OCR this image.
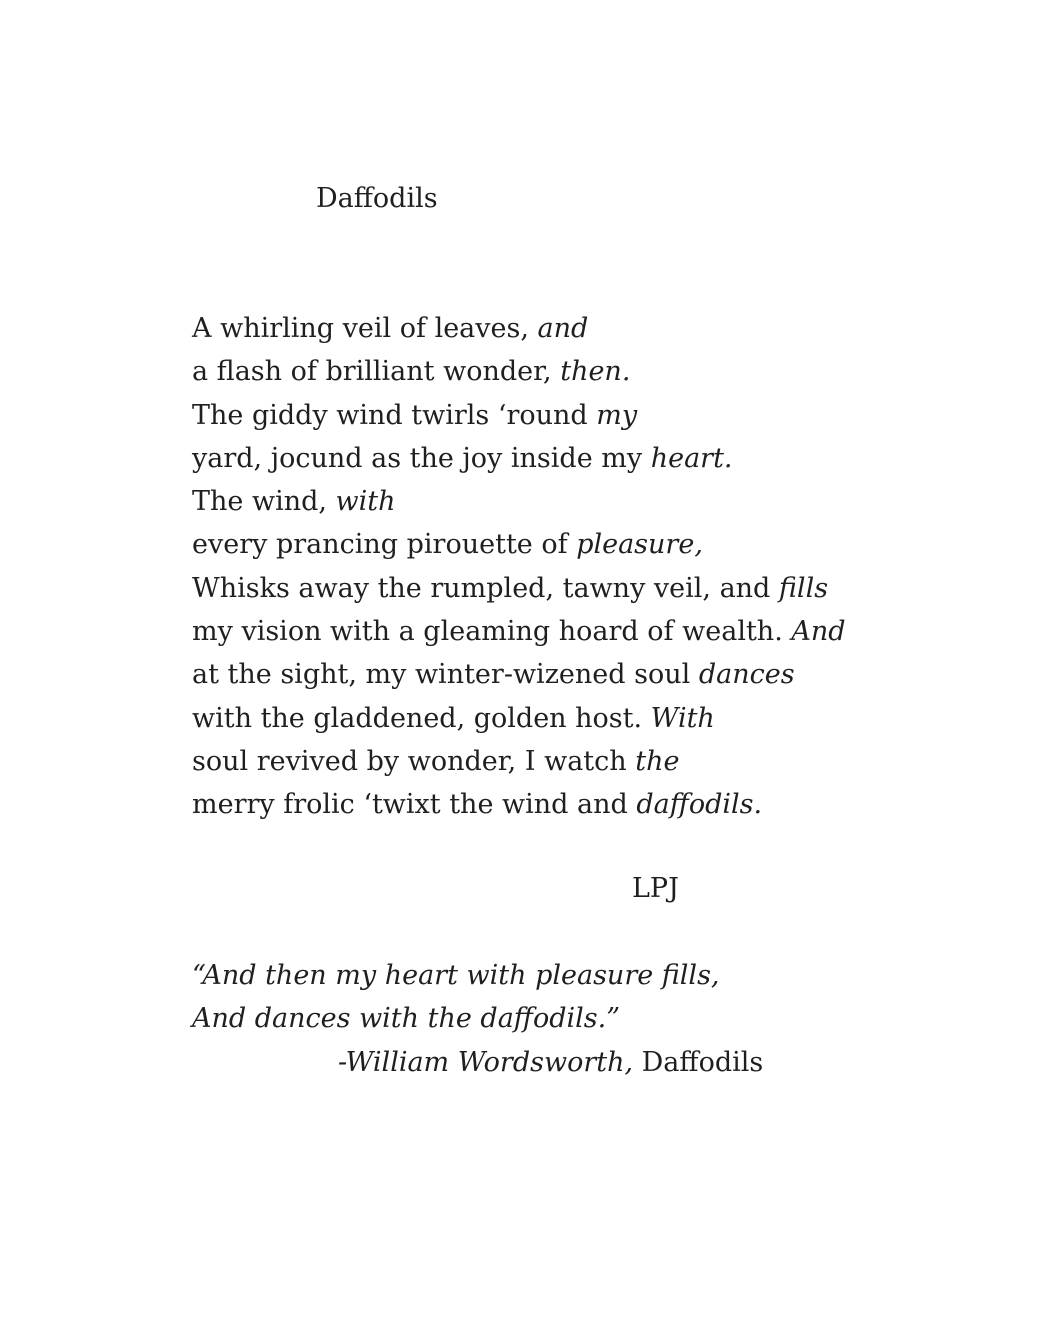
Daffodils
A whirling veil of leaves, and
a flash of brilliant wonder, then.
The giddy wind twirls ‘round my
yard, jocund as the joy inside my heart.
The wind, with
every prancing pirouette of pleasure,
Whisks away the rumpled, tawny veil, and fills
my vision with a gleaming hoard of wealth. And
at the sight, my winter-wizened soul dances
with the gladdened, golden host. With
soul revived by wonder, I watch the
merry frolic ‘twixt the wind and daffodils.
LPJ
“And then my heart with pleasure fills,
And dances with the daffodils.”
-William Wordsworth, Daffodils
